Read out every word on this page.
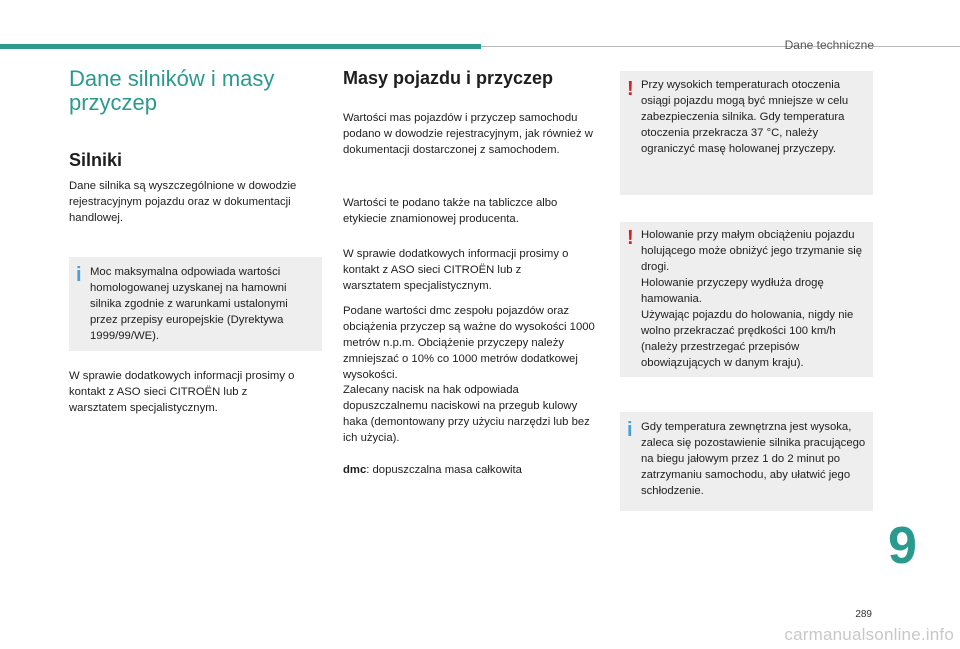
Dane techniczne
Dane silników i masy przyczep
Silniki

Dane silnika są wyszczególnione w dowodzie rejestracyjnym pojazdu oraz w dokumentacji handlowej.

i Moc maksymalna odpowiada wartości homologowanej uzyskanej na hamowni silnika zgodnie z warunkami ustalonymi przez przepisy europejskie (Dyrektywa 1999/99/WE).

W sprawie dodatkowych informacji prosimy o kontakt z ASO sieci CITROËN lub z warsztatem specjalistycznym.

Masy pojazdu i przyczep

Wartości mas pojazdów i przyczep samochodu podano w dowodzie rejestracyjnym, jak również w dokumentacji dostarczonej z samochodem.

Wartości te podano także na tabliczce albo etykiecie znamionowej producenta.

W sprawie dodatkowych informacji prosimy o kontakt z ASO sieci CITROËN lub z warsztatem specjalistycznym.

Podane wartości dmc zespołu pojazdów oraz obciążenia przyczep są ważne do wysokości 1000 metrów n.p.m. Obciążenie przyczepy należy zmniejszać o 10% co 1000 metrów dodatkowej wysokości.

Zalecany nacisk na hak odpowiada dopuszczalnemu naciskowi na przegub kulowy haka (demontowany przy użyciu narzędzi lub bez ich użycia).

dmc: dopuszczalna masa całkowita

! Przy wysokich temperaturach otoczenia osiągi pojazdu mogą być mniejsze w celu zabezpieczenia silnika. Gdy temperatura otoczenia przekracza 37 °C, należy ograniczyć masę holowanej przyczepy.
! Holowanie przy małym obciążeniu pojazdu holującego może obniżyć jego trzymanie się drogi.
Holowanie przyczepy wydłuża drogę hamowania.
Używając pojazdu do holowania, nigdy nie wolno przekraczać prędkości 100 km/h (należy przestrzegać przepisów obowiązujących w danym kraju).
i Gdy temperatura zewnętrzna jest wysoka, zaleca się pozostawienie silnika pracującego na biegu jałowym przez 1 do 2 minut po zatrzymaniu samochodu, aby ułatwić jego schłodzenie.
9
289
carmanualsonline.info
